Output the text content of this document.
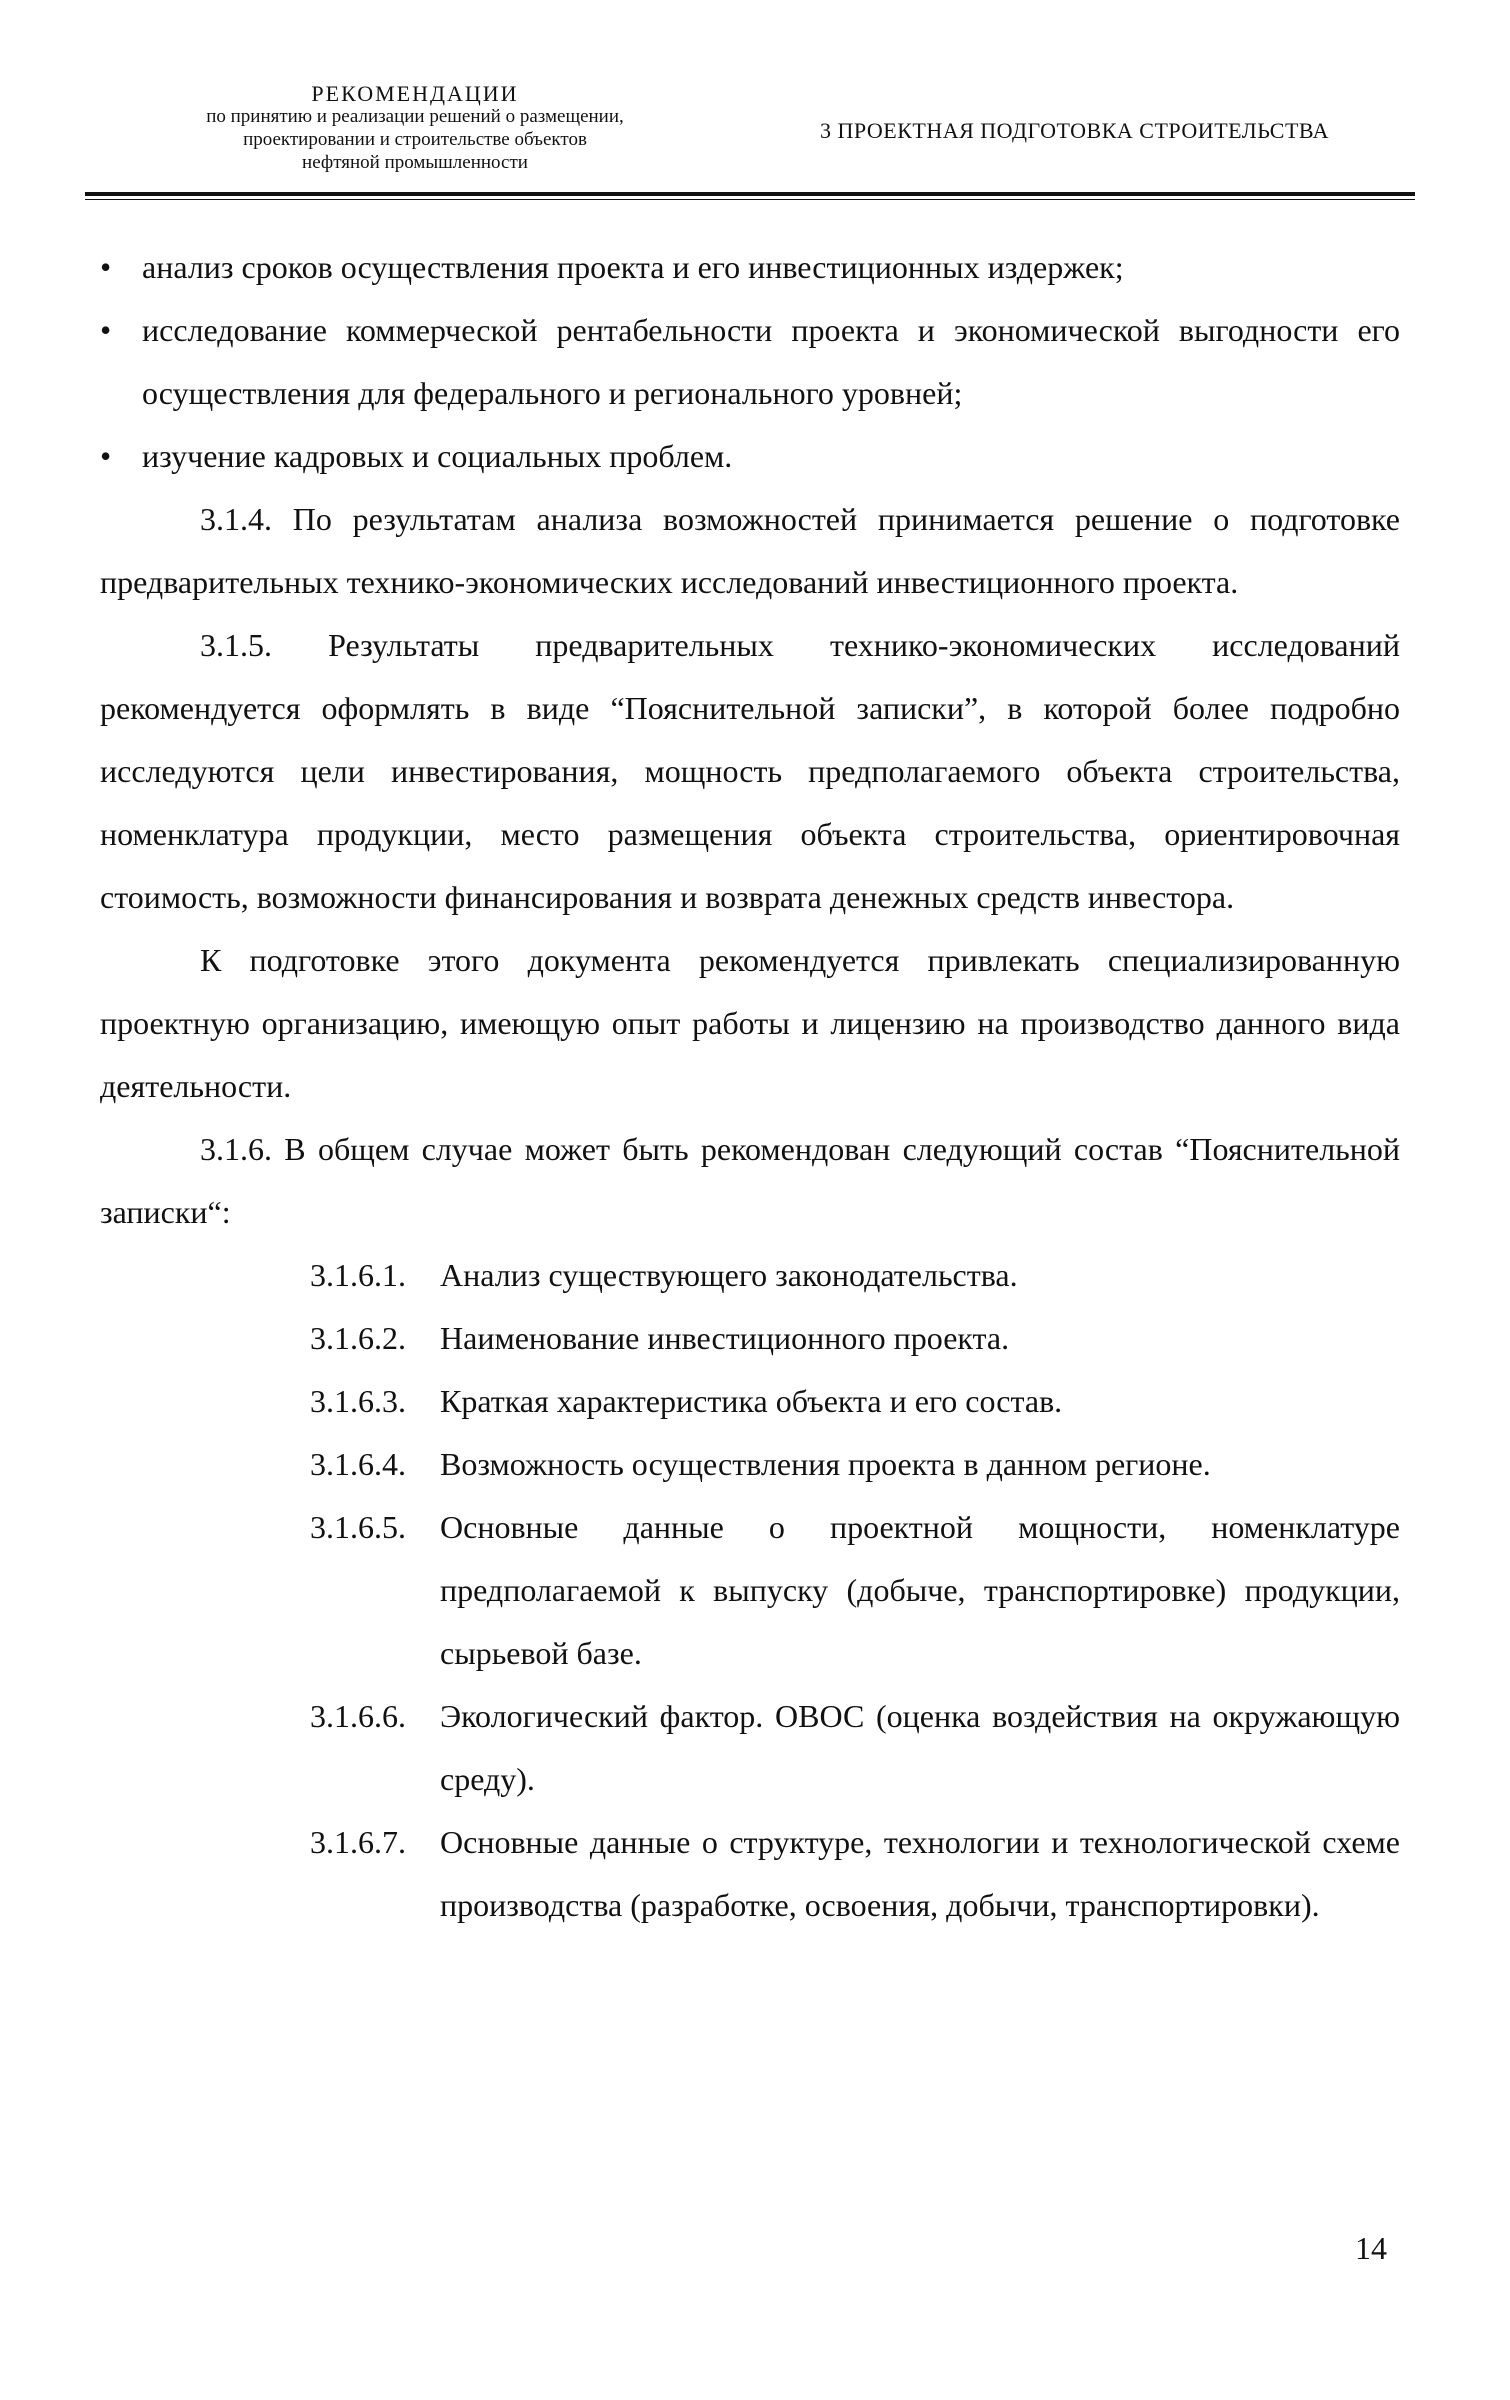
РЕКОМЕНДАЦИИ
по принятию и реализации решений о размещении,
проектировании и строительстве объектов
нефтяной промышленности
3 ПРОЕКТНАЯ ПОДГОТОВКА СТРОИТЕЛЬСТВА

• анализ сроков осуществления проекта и его инвестиционных издержек;

• исследование коммерческой рентабельности проекта и экономической выгодности его осуществления для федерального и регионального уровней;

• изучение кадровых и социальных проблем.

3.1.4. По результатам анализа возможностей принимается решение о подготовке предварительных технико-экономических исследований инвестиционного проекта.

3.1.5. Результаты предварительных технико-экономических исследований рекомендуется оформлять в виде “Пояснительной записки”, в которой более подробно исследуются цели инвестирования, мощность предполагаемого объекта строительства, номенклатура продукции, место размещения объекта строительства, ориентировочная стоимость, возможности финансирования и возврата денежных средств инвестора.

К подготовке этого документа рекомендуется привлекать специализированную проектную организацию, имеющую опыт работы и лицензию на производство данного вида деятельности.

3.1.6. В общем случае может быть рекомендован следующий состав “Пояснительной записки“:

3.1.6.1. Анализ существующего законодательства.

3.1.6.2. Наименование инвестиционного проекта.

3.1.6.3. Краткая характеристика объекта и его состав.

3.1.6.4. Возможность осуществления проекта в данном регионе.

3.1.6.5. Основные данные о проектной мощности, номенклатуре предполагаемой к выпуску (добыче, транспортировке) продукции, сырьевой базе.

3.1.6.6. Экологический фактор. ОВОС (оценка воздействия на окружающую среду).

3.1.6.7. Основные данные о структуре, технологии и технологической схеме производства (разработке, освоения, добычи, транспортировки).

14
